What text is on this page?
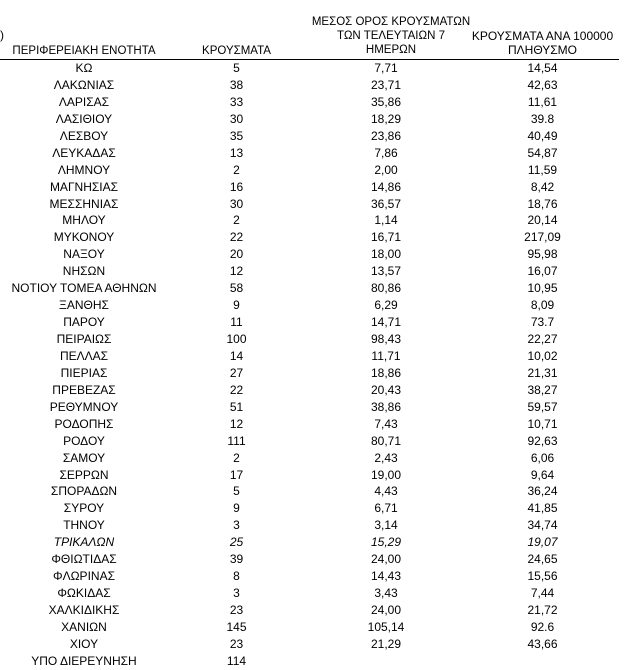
)
ΠΕΡΙΦΕΡΕΙΑΚΗ ΕΝΟΤΗΤΑ	ΚΡΟΥΣΜΑΤΑ
ΜΕΣΟΣ ΟΡΟΣ ΚΡΟΥΣΜΑΤΩΝ
ΤΩΝ ΤΕΛΕΥΤΑΙΩΝ 7
ΗΜΕΡΩΝ
ΚΡΟΥΣΜΑΤΑ ΑΝΑ 100000
ΠΛΗΘΥΣΜΟ
ΚΩ	5	7,71	14,54
ΛΑΚΩΝΙΑΣ	38	23,71	42,63
ΛΑΡΙΣΑΣ	33	35,86	11,61
ΛΑΣΙΘΙΟΥ	30	18,29	39.8
ΛΕΣΒΟΥ	35	23,86	40,49
ΛΕΥΚΑΔΑΣ	13	7,86	54,87
ΛΗΜΝΟΥ	2	2,00	11,59
ΜΑΓΝΗΣΙΑΣ	16	14,86	8,42
ΜΕΣΣΗΝΙΑΣ	30	36,57	18,76
ΜΗΛΟΥ	2	1,14	20,14
ΜΥΚΟΝΟΥ	22	16,71	217,09
ΝΑΞΟΥ	20	18,00	95,98
ΝΗΣΩΝ	12	13,57	16,07
ΝΟΤΙΟΥ ΤΟΜΕΑ ΑΘΗΝΩΝ	58	80,86	10,95
ΞΑΝΘΗΣ	9	6,29	8,09
ΠΑΡΟΥ	11	14,71	73.7
ΠΕΙΡΑΙΩΣ	100	98,43	22,27
ΠΕΛΛΑΣ	14	11,71	10,02
ΠΙΕΡΙΑΣ	27	18,86	21,31
ΠΡΕΒΕΖΑΣ	22	20,43	38,27
ΡΕΘΥΜΝΟΥ	51	38,86	59,57
ΡΟΔΟΠΗΣ	12	7,43	10,71
ΡΟΔΟΥ	111	80,71	92,63
ΣΑΜΟΥ	2	2,43	6,06
ΣΕΡΡΩΝ	17	19,00	9,64
ΣΠΟΡΑΔΩΝ	5	4,43	36,24
ΣΥΡΟΥ	9	6,71	41,85
ΤΗΝΟΥ	3	3,14	34,74
ΤΡΙΚΑΛΩΝ	25	15,29	19,07
ΦΘΙΩΤΙΔΑΣ	39	24,00	24,65
ΦΛΩΡΙΝΑΣ	8	14,43	15,56
ΦΩΚΙΔΑΣ	3	3,43	7,44
ΧΑΛΚΙΔΙΚΗΣ	23	24,00	21,72
ΧΑΝΙΩΝ	145	105,14	92.6
ΧΙΟΥ	23	21,29	43,66
ΥΠΟ ΔΙΕΡΕΥΝΗΣΗ	114
